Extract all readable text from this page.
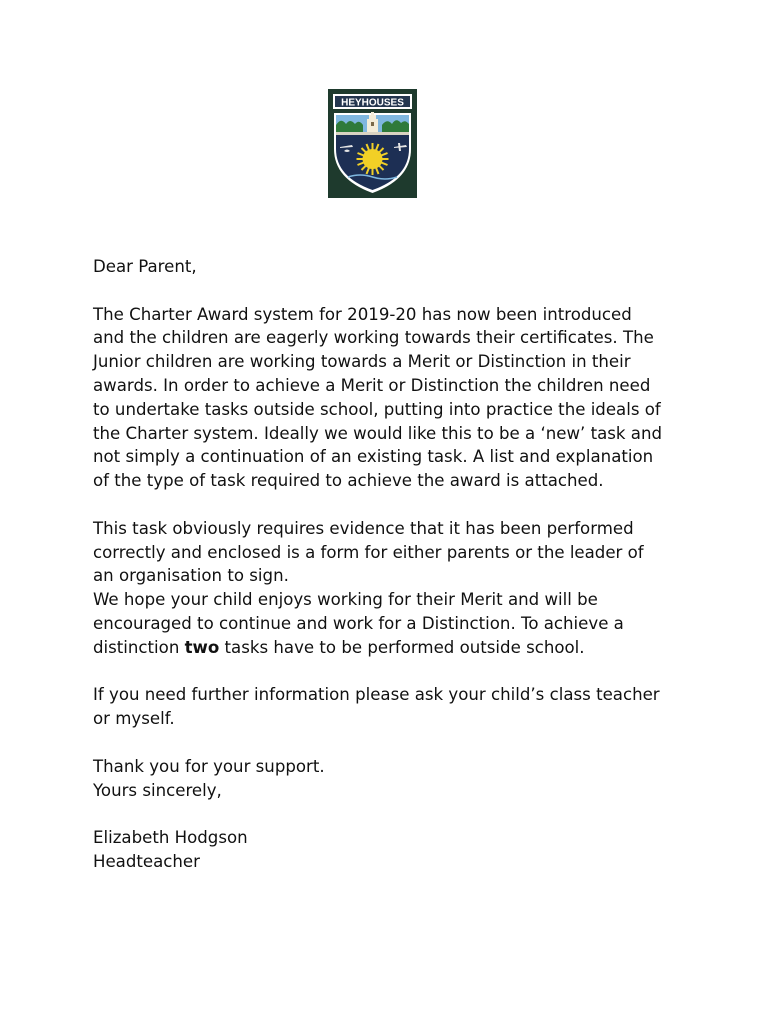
HEYHOUSES

Dear Parent,

The Charter Award system for 2019-20 has now been introduced

and the children are eagerly working towards their certificates. The

Junior children are working towards a Merit or Distinction in their

awards. In order to achieve a Merit or Distinction the children need

to undertake tasks outside school, putting into practice the ideals of

the Charter system. Ideally we would like this to be a ‘new’ task and

not simply a continuation of an existing task. A list and explanation

of the type of task required to achieve the award is attached.

This task obviously requires evidence that it has been performed

correctly and enclosed is a form for either parents or the leader of

an organisation to sign.

We hope your child enjoys working for their Merit and will be

encouraged to continue and work for a Distinction. To achieve a

distinction two tasks have to be performed outside school.

If you need further information please ask your child’s class teacher

or myself.

Thank you for your support.

Yours sincerely,

Elizabeth Hodgson

Headteacher
